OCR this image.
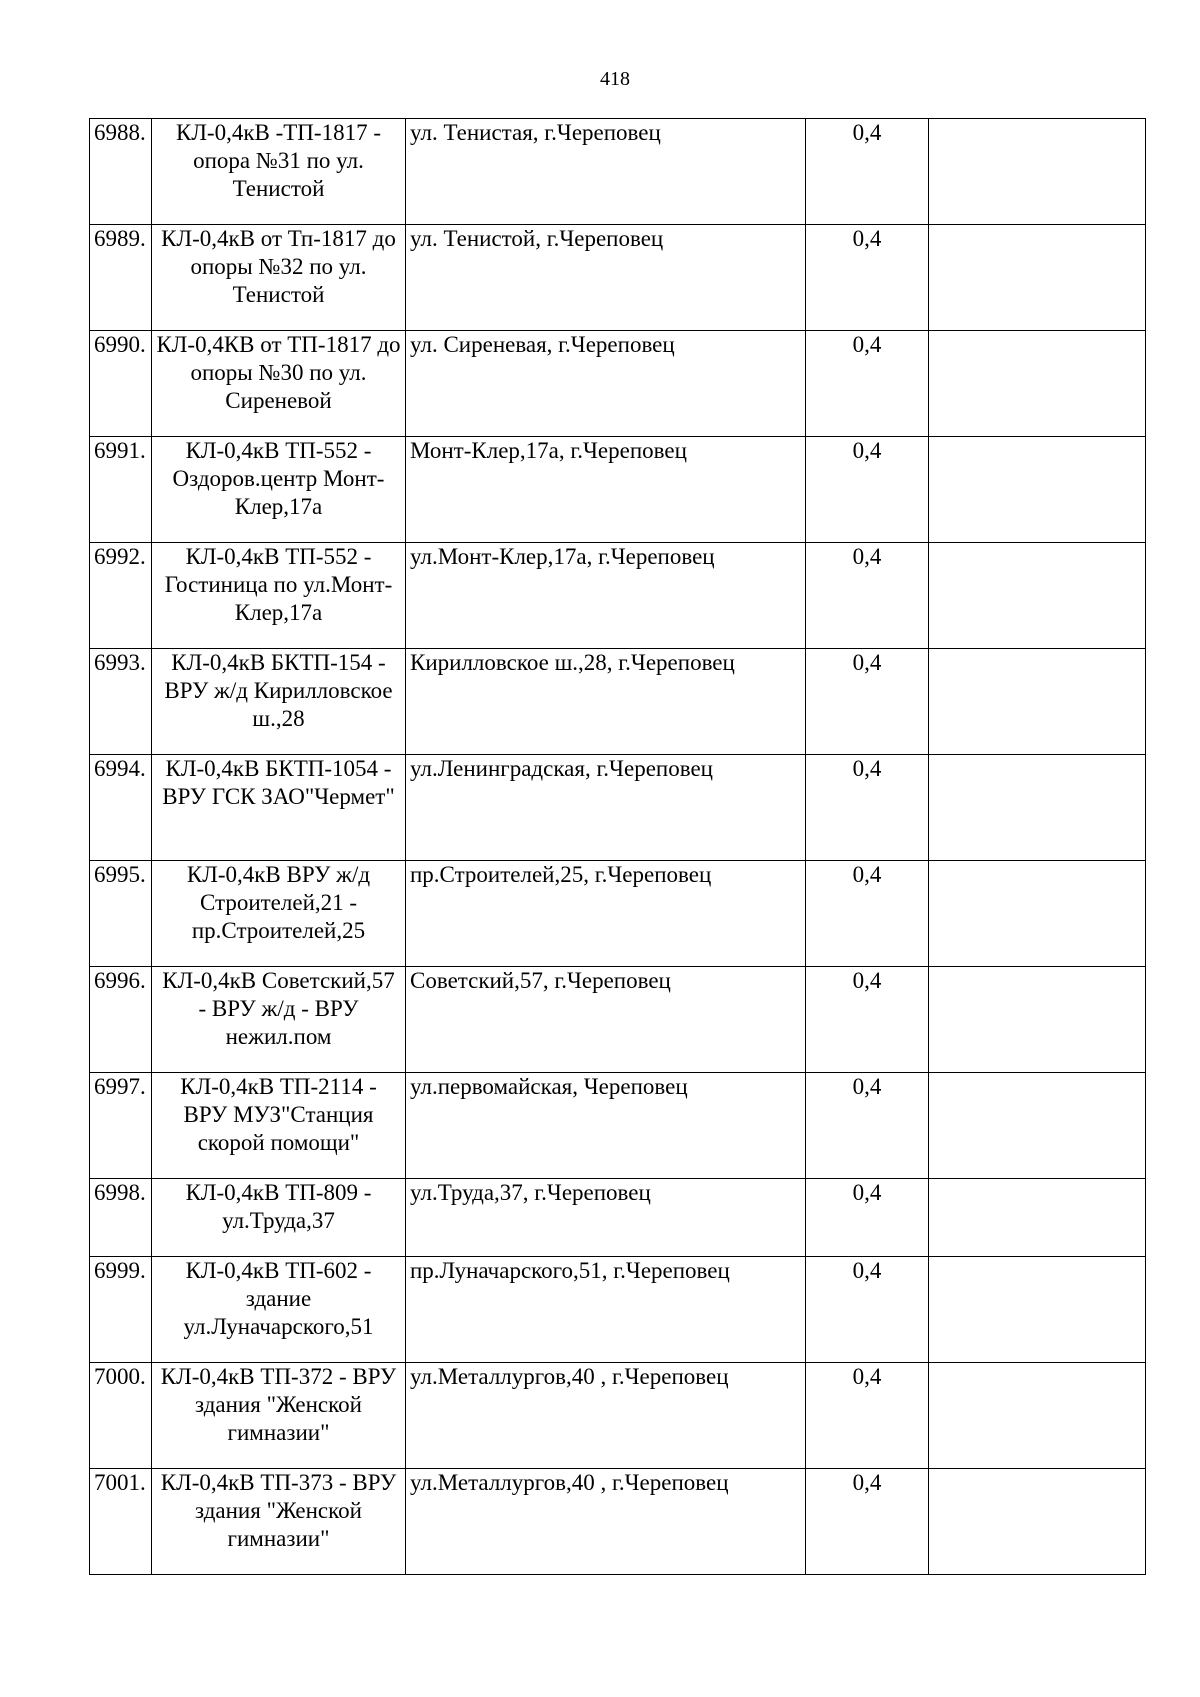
418
6988.	КЛ-0,4кВ -ТП-1817 - опора №31 по ул. Тенистой	ул. Тенистая, г.Череповец	0,4	
6989.	КЛ-0,4кВ от Тп-1817 до опоры №32 по ул. Тенистой	ул. Тенистой, г.Череповец	0,4	
6990.	КЛ-0,4КВ от ТП-1817 до опоры №30 по ул. Сиреневой	ул. Сиреневая, г.Череповец	0,4	
6991.	КЛ-0,4кВ ТП-552 - Оздоров.центр Монт-Клер,17а	Монт-Клер,17а, г.Череповец	0,4	
6992.	КЛ-0,4кВ ТП-552 - Гостиница по ул.Монт-Клер,17а	ул.Монт-Клер,17а, г.Череповец	0,4	
6993.	КЛ-0,4кВ БКТП-154 - ВРУ ж/д Кирилловское ш.,28	Кирилловское ш.,28, г.Череповец	0,4	
6994.	КЛ-0,4кВ БКТП-1054 - ВРУ ГСК ЗАО"Чермет"	ул.Ленинградская, г.Череповец	0,4	
6995.	КЛ-0,4кВ ВРУ ж/д Строителей,21 - пр.Строителей,25	пр.Строителей,25, г.Череповец	0,4	
6996.	КЛ-0,4кВ Советский,57 - ВРУ ж/д - ВРУ нежил.пом	Советский,57, г.Череповец	0,4	
6997.	КЛ-0,4кВ ТП-2114 - ВРУ МУЗ"Станция скорой помощи"	ул.первомайская, Череповец	0,4	
6998.	КЛ-0,4кВ ТП-809 - ул.Труда,37	ул.Труда,37, г.Череповец	0,4	
6999.	КЛ-0,4кВ ТП-602 - здание ул.Луначарского,51	пр.Луначарского,51, г.Череповец	0,4	
7000.	КЛ-0,4кВ ТП-372 - ВРУ здания "Женской гимназии"	ул.Металлургов,40 , г.Череповец	0,4	
7001.	КЛ-0,4кВ ТП-373 - ВРУ здания "Женской гимназии"	ул.Металлургов,40 , г.Череповец	0,4	
